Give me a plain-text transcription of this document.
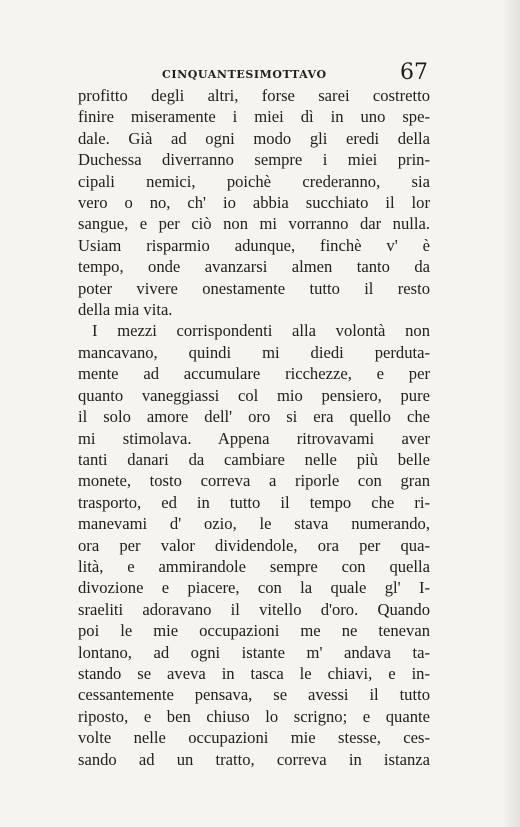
CINQUANTESIMOTTAVO	67
profitto degli altri, forse sarei costretto
finire miseramente i miei dì in uno spe-
dale. Già ad ogni modo gli eredi della
Duchessa diverranno sempre i miei prin-
cipali nemici, poichè crederanno, sia
vero o no, ch' io abbia succhiato il lor
sangue, e per ciò non mi vorranno dar nulla.
Usiam risparmio adunque, finchè v' è
tempo, onde avanzarsi almen tanto da
poter vivere onestamente tutto il resto
della mia vita.
I mezzi corrispondenti alla volontà non
mancavano, quindi mi diedi perduta-
mente ad accumulare ricchezze, e per
quanto vaneggiassi col mio pensiero, pure
il solo amore dell' oro si era quello che
mi stimolava. Appena ritrovavami aver
tanti danari da cambiare nelle più belle
monete, tosto correva a riporle con gran
trasporto, ed in tutto il tempo che ri-
manevami d' ozio, le stava numerando,
ora per valor dividendole, ora per qua-
lità, e ammirandole sempre con quella
divozione e piacere, con la quale gl' I-
sraeliti adoravano il vitello d'oro. Quando
poi le mie occupazioni me ne tenevan
lontano, ad ogni istante m' andava ta-
stando se aveva in tasca le chiavi, e in-
cessantemente pensava, se avessi il tutto
riposto, e ben chiuso lo scrigno; e quante
volte nelle occupazioni mie stesse, ces-
sando ad un tratto, correva in istanza
